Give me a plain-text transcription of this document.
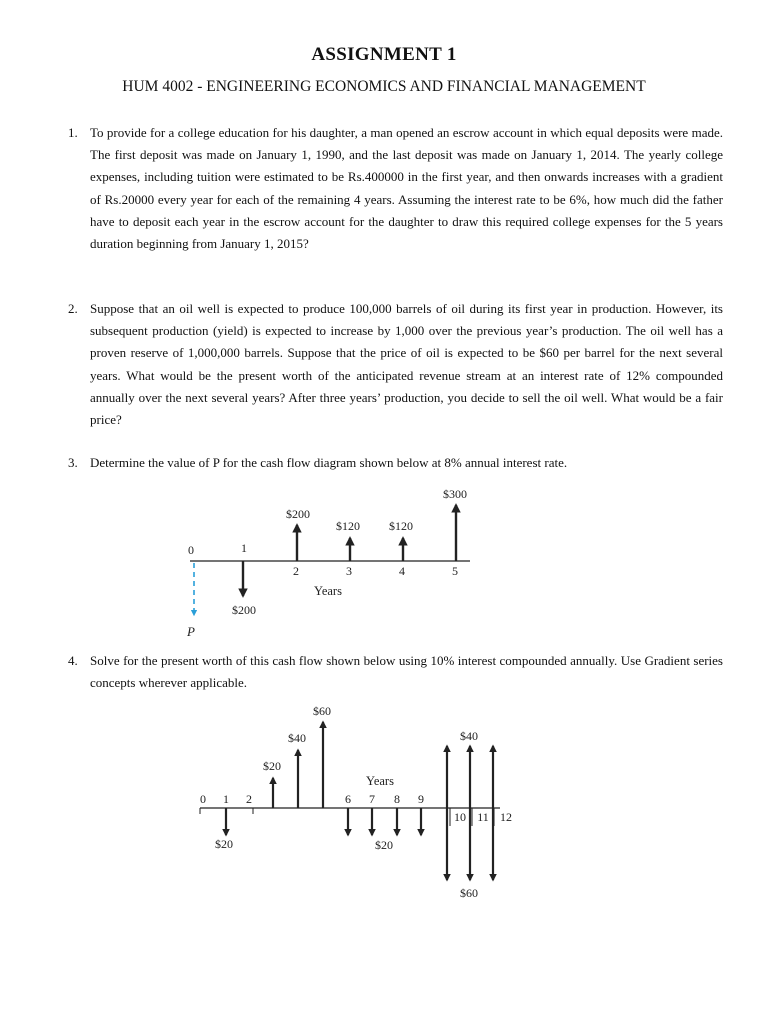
ASSIGNMENT 1
HUM 4002 - ENGINEERING ECONOMICS AND FINANCIAL MANAGEMENT
1. To provide for a college education for his daughter, a man opened an escrow account in which equal deposits were made. The first deposit was made on January 1, 1990, and the last deposit was made on January 1, 2014. The yearly college expenses, including tuition were estimated to be Rs.400000 in the first year, and then onwards increases with a gradient of Rs.20000 every year for each of the remaining 4 years. Assuming the interest rate to be 6%, how much did the father have to deposit each year in the escrow account for the daughter to draw this required college expenses for the 5 years duration beginning from January 1, 2015?
2. Suppose that an oil well is expected to produce 100,000 barrels of oil during its first year in production. However, its subsequent production (yield) is expected to increase by 1,000 over the previous year’s production. The oil well has a proven reserve of 1,000,000 barrels. Suppose that the price of oil is expected to be $60 per barrel for the next several years. What would be the present worth of the anticipated revenue stream at an interest rate of 12% compounded annually over the next several years? After three years’ production, you decide to sell the oil well. What would be a fair price?
3. Determine the value of P for the cash flow diagram shown below at 8% annual interest rate.
4. Solve for the present worth of this cash flow shown below using 10% interest compounded annually. Use Gradient series concepts wherever applicable.
0	1
2	3	4	5
P
$200
$200
$120 $120
$300
Years
0 1 2	6 7 8 9
10 11 12
Years
$20
$20
$40
$60
$20
$40
$60
